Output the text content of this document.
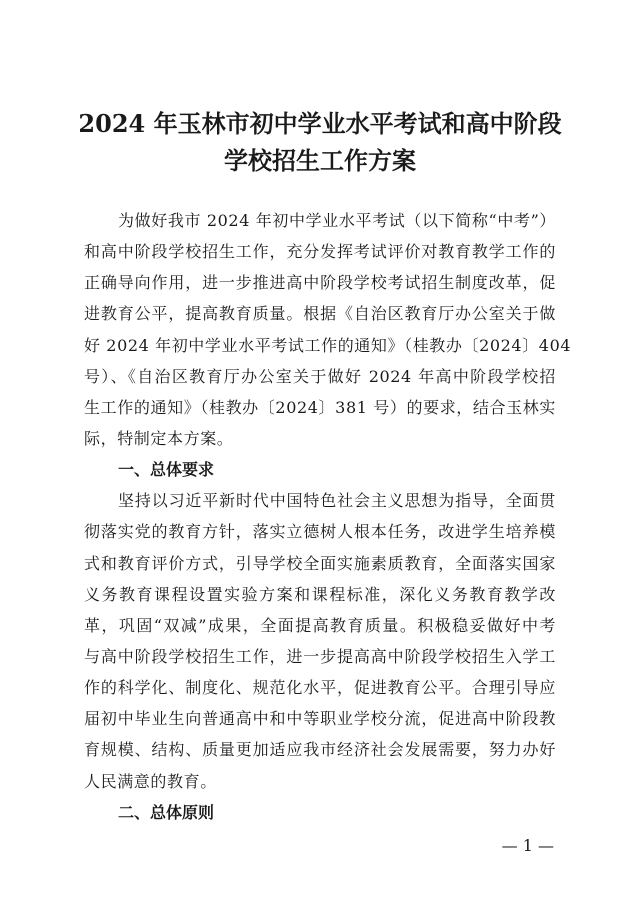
2024 年玉林市初中学业水平考试和高中阶段
学校招生工作方案
为做好我市 2024 年初中学业水平考试（以下简称“中考”）
和高中阶段学校招生工作，充分发挥考试评价对教育教学工作的
正确导向作用，进一步推进高中阶段学校考试招生制度改革，促
进教育公平，提高教育质量。根据《自治区教育厅办公室关于做
好 2024 年初中学业水平考试工作的通知》（桂教办〔2024〕404
号）、《自治区教育厅办公室关于做好 2024 年高中阶段学校招
生工作的通知》（桂教办〔2024〕381 号）的要求，结合玉林实
际，特制定本方案。
一、总体要求
坚持以习近平新时代中国特色社会主义思想为指导，全面贯
彻落实党的教育方针，落实立德树人根本任务，改进学生培养模
式和教育评价方式，引导学校全面实施素质教育，全面落实国家
义务教育课程设置实验方案和课程标准，深化义务教育教学改
革，巩固“双减”成果，全面提高教育质量。积极稳妥做好中考
与高中阶段学校招生工作，进一步提高高中阶段学校招生入学工
作的科学化、制度化、规范化水平，促进教育公平。合理引导应
届初中毕业生向普通高中和中等职业学校分流，促进高中阶段教
育规模、结构、质量更加适应我市经济社会发展需要，努力办好
人民满意的教育。
二、总体原则
— 1 —
